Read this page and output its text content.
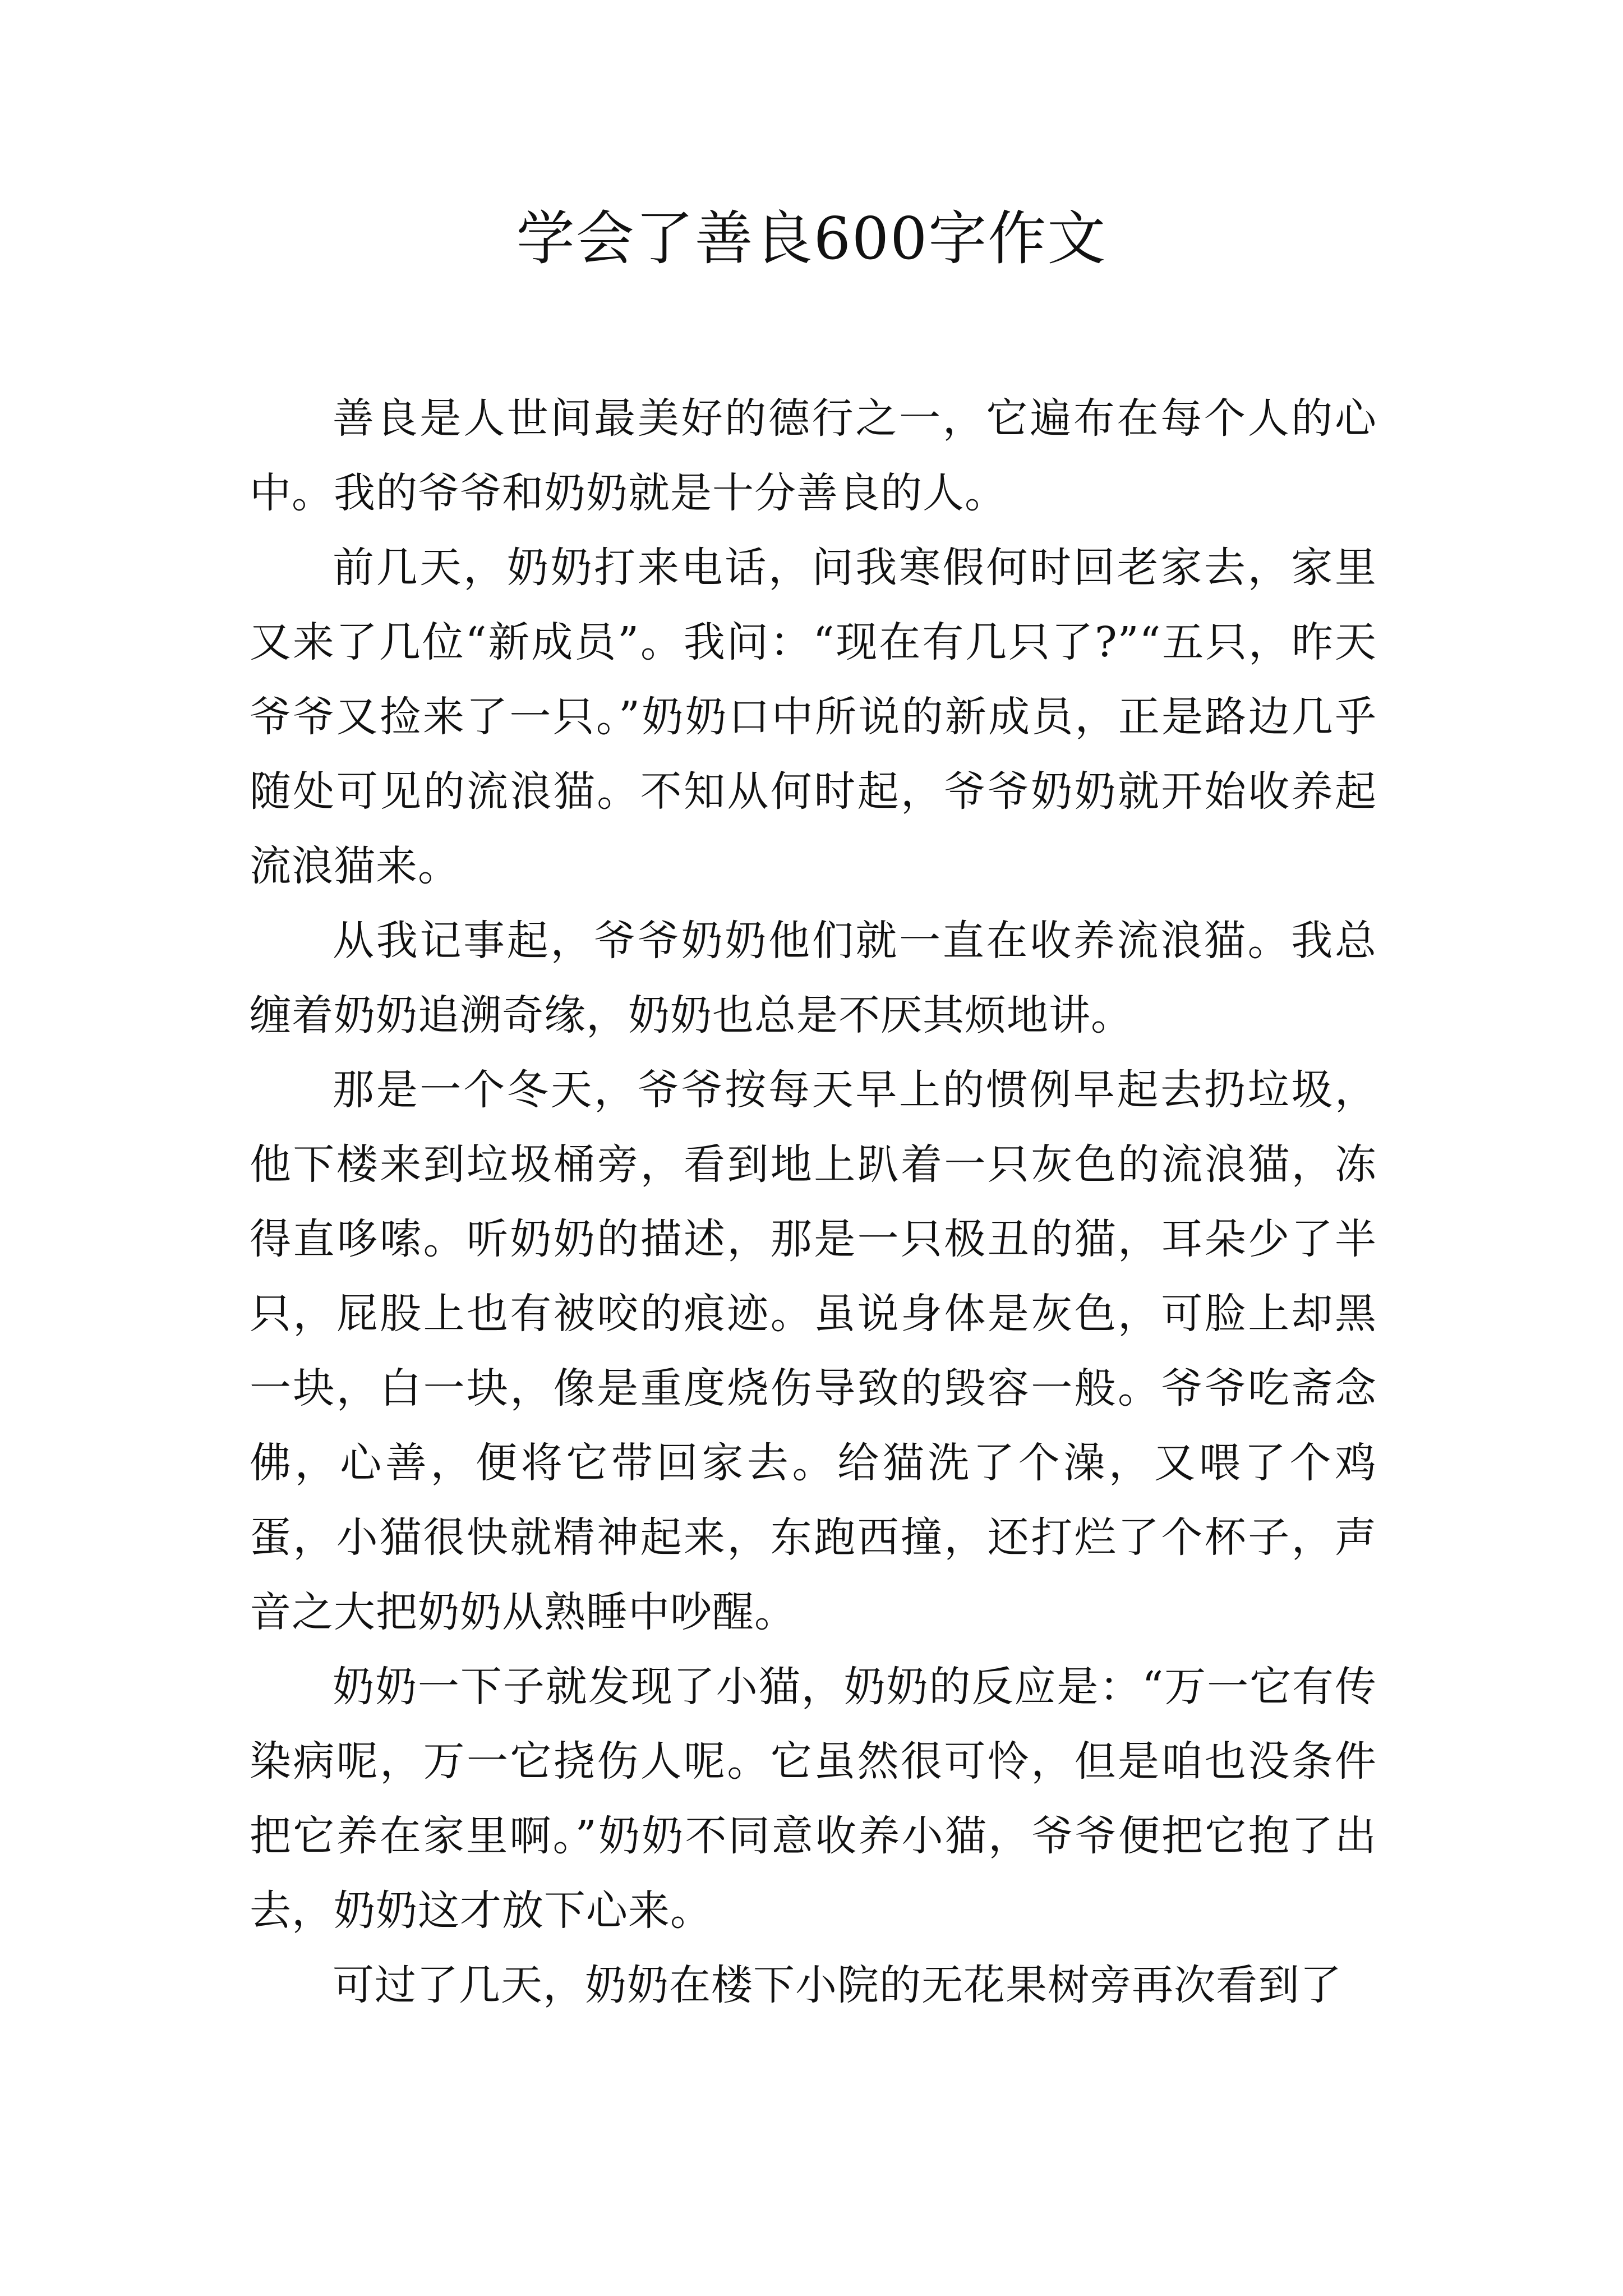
学会了善良600字作文

善良是人世间最美好的德行之一，它遍布在每个人的心中。我的爷爷和奶奶就是十分善良的人。

前几天，奶奶打来电话，问我寒假何时回老家去，家里又来了几位“新成员”。我问：“现在有几只了?”“五只，昨天爷爷又捡来了一只。”奶奶口中所说的新成员，正是路边几乎随处可见的流浪猫。不知从何时起，爷爷奶奶就开始收养起流浪猫来。

从我记事起，爷爷奶奶他们就一直在收养流浪猫。我总缠着奶奶追溯奇缘，奶奶也总是不厌其烦地讲。

那是一个冬天，爷爷按每天早上的惯例早起去扔垃圾，他下楼来到垃圾桶旁，看到地上趴着一只灰色的流浪猫，冻得直哆嗦。听奶奶的描述，那是一只极丑的猫，耳朵少了半只，屁股上也有被咬的痕迹。虽说身体是灰色，可脸上却黑一块，白一块，像是重度烧伤导致的毁容一般。爷爷吃斋念佛，心善，便将它带回家去。给猫洗了个澡，又喂了个鸡蛋，小猫很快就精神起来，东跑西撞，还打烂了个杯子，声音之大把奶奶从熟睡中吵醒。

奶奶一下子就发现了小猫，奶奶的反应是：“万一它有传染病呢，万一它挠伤人呢。它虽然很可怜，但是咱也没条件把它养在家里啊。”奶奶不同意收养小猫，爷爷便把它抱了出去，奶奶这才放下心来。

可过了几天，奶奶在楼下小院的无花果树旁再次看到了
